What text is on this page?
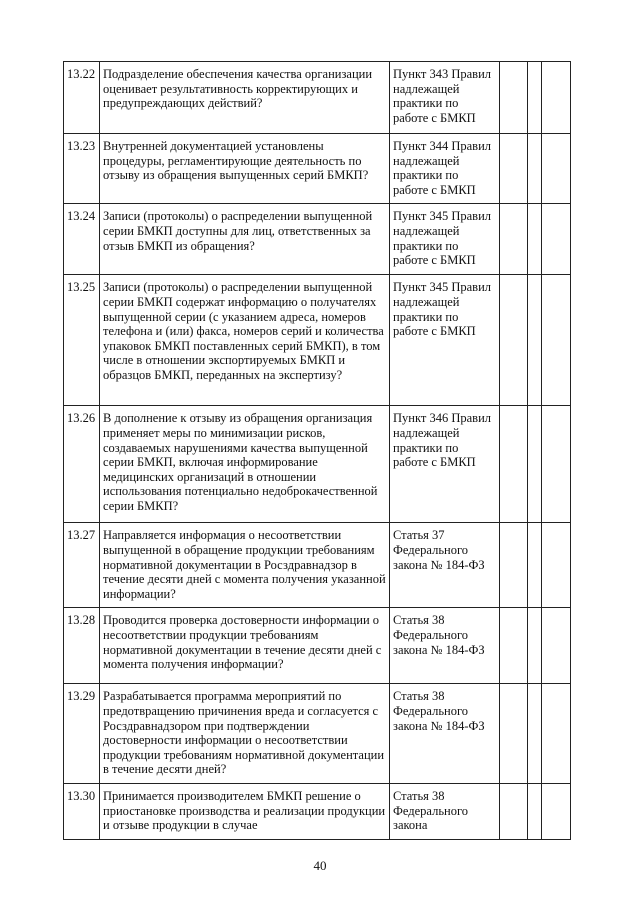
13.22	Подразделение обеспечения качества организации оценивает результативность корректирующих и предупреждающих действий?	Пункт 343 Правил надлежащей практики по работе с БМКП			
13.23	Внутренней документацией установлены процедуры, регламентирующие деятельность по отзыву из обращения выпущенных серий БМКП?	Пункт 344 Правил надлежащей практики по работе с БМКП			
13.24	Записи (протоколы) о распределении выпущенной серии БМКП доступны для лиц, ответственных за отзыв БМКП из обращения?	Пункт 345 Правил надлежащей практики по работе с БМКП			
13.25	Записи (протоколы) о распределении выпущенной серии БМКП содержат информацию о получателях выпущенной серии (с указанием адреса, номеров телефона и (или) факса, номеров серий и количества упаковок БМКП поставленных серий БМКП), в том числе в отношении экспортируемых БМКП и образцов БМКП, переданных на экспертизу?	Пункт 345 Правил надлежащей практики по работе с БМКП			
13.26	В дополнение к отзыву из обращения организация применяет меры по минимизации рисков, создаваемых нарушениями качества выпущенной серии БМКП, включая информирование медицинских организаций в отношении использования потенциально недоброкачественной серии БМКП?	Пункт 346 Правил надлежащей практики по работе с БМКП			
13.27	Направляется информация о несоответствии выпущенной в обращение продукции требованиям нормативной документации в Росздравнадзор в течение десяти дней с момента получения указанной информации?	Статья 37 Федерального закона № 184-ФЗ			
13.28	Проводится проверка достоверности информации о несоответствии продукции требованиям нормативной документации в течение десяти дней с момента получения информации?	Статья 38 Федерального закона № 184-ФЗ			
13.29	Разрабатывается программа мероприятий по предотвращению причинения вреда и согласуется с Росздравнадзором при подтверждении достоверности информации о несоответствии продукции требованиям нормативной документации в течение десяти дней?	Статья 38 Федерального закона № 184-ФЗ			
13.30	Принимается производителем БМКП решение о приостановке производства и реализации продукции и отзыве продукции в случае	Статья 38 Федерального закона			
40
